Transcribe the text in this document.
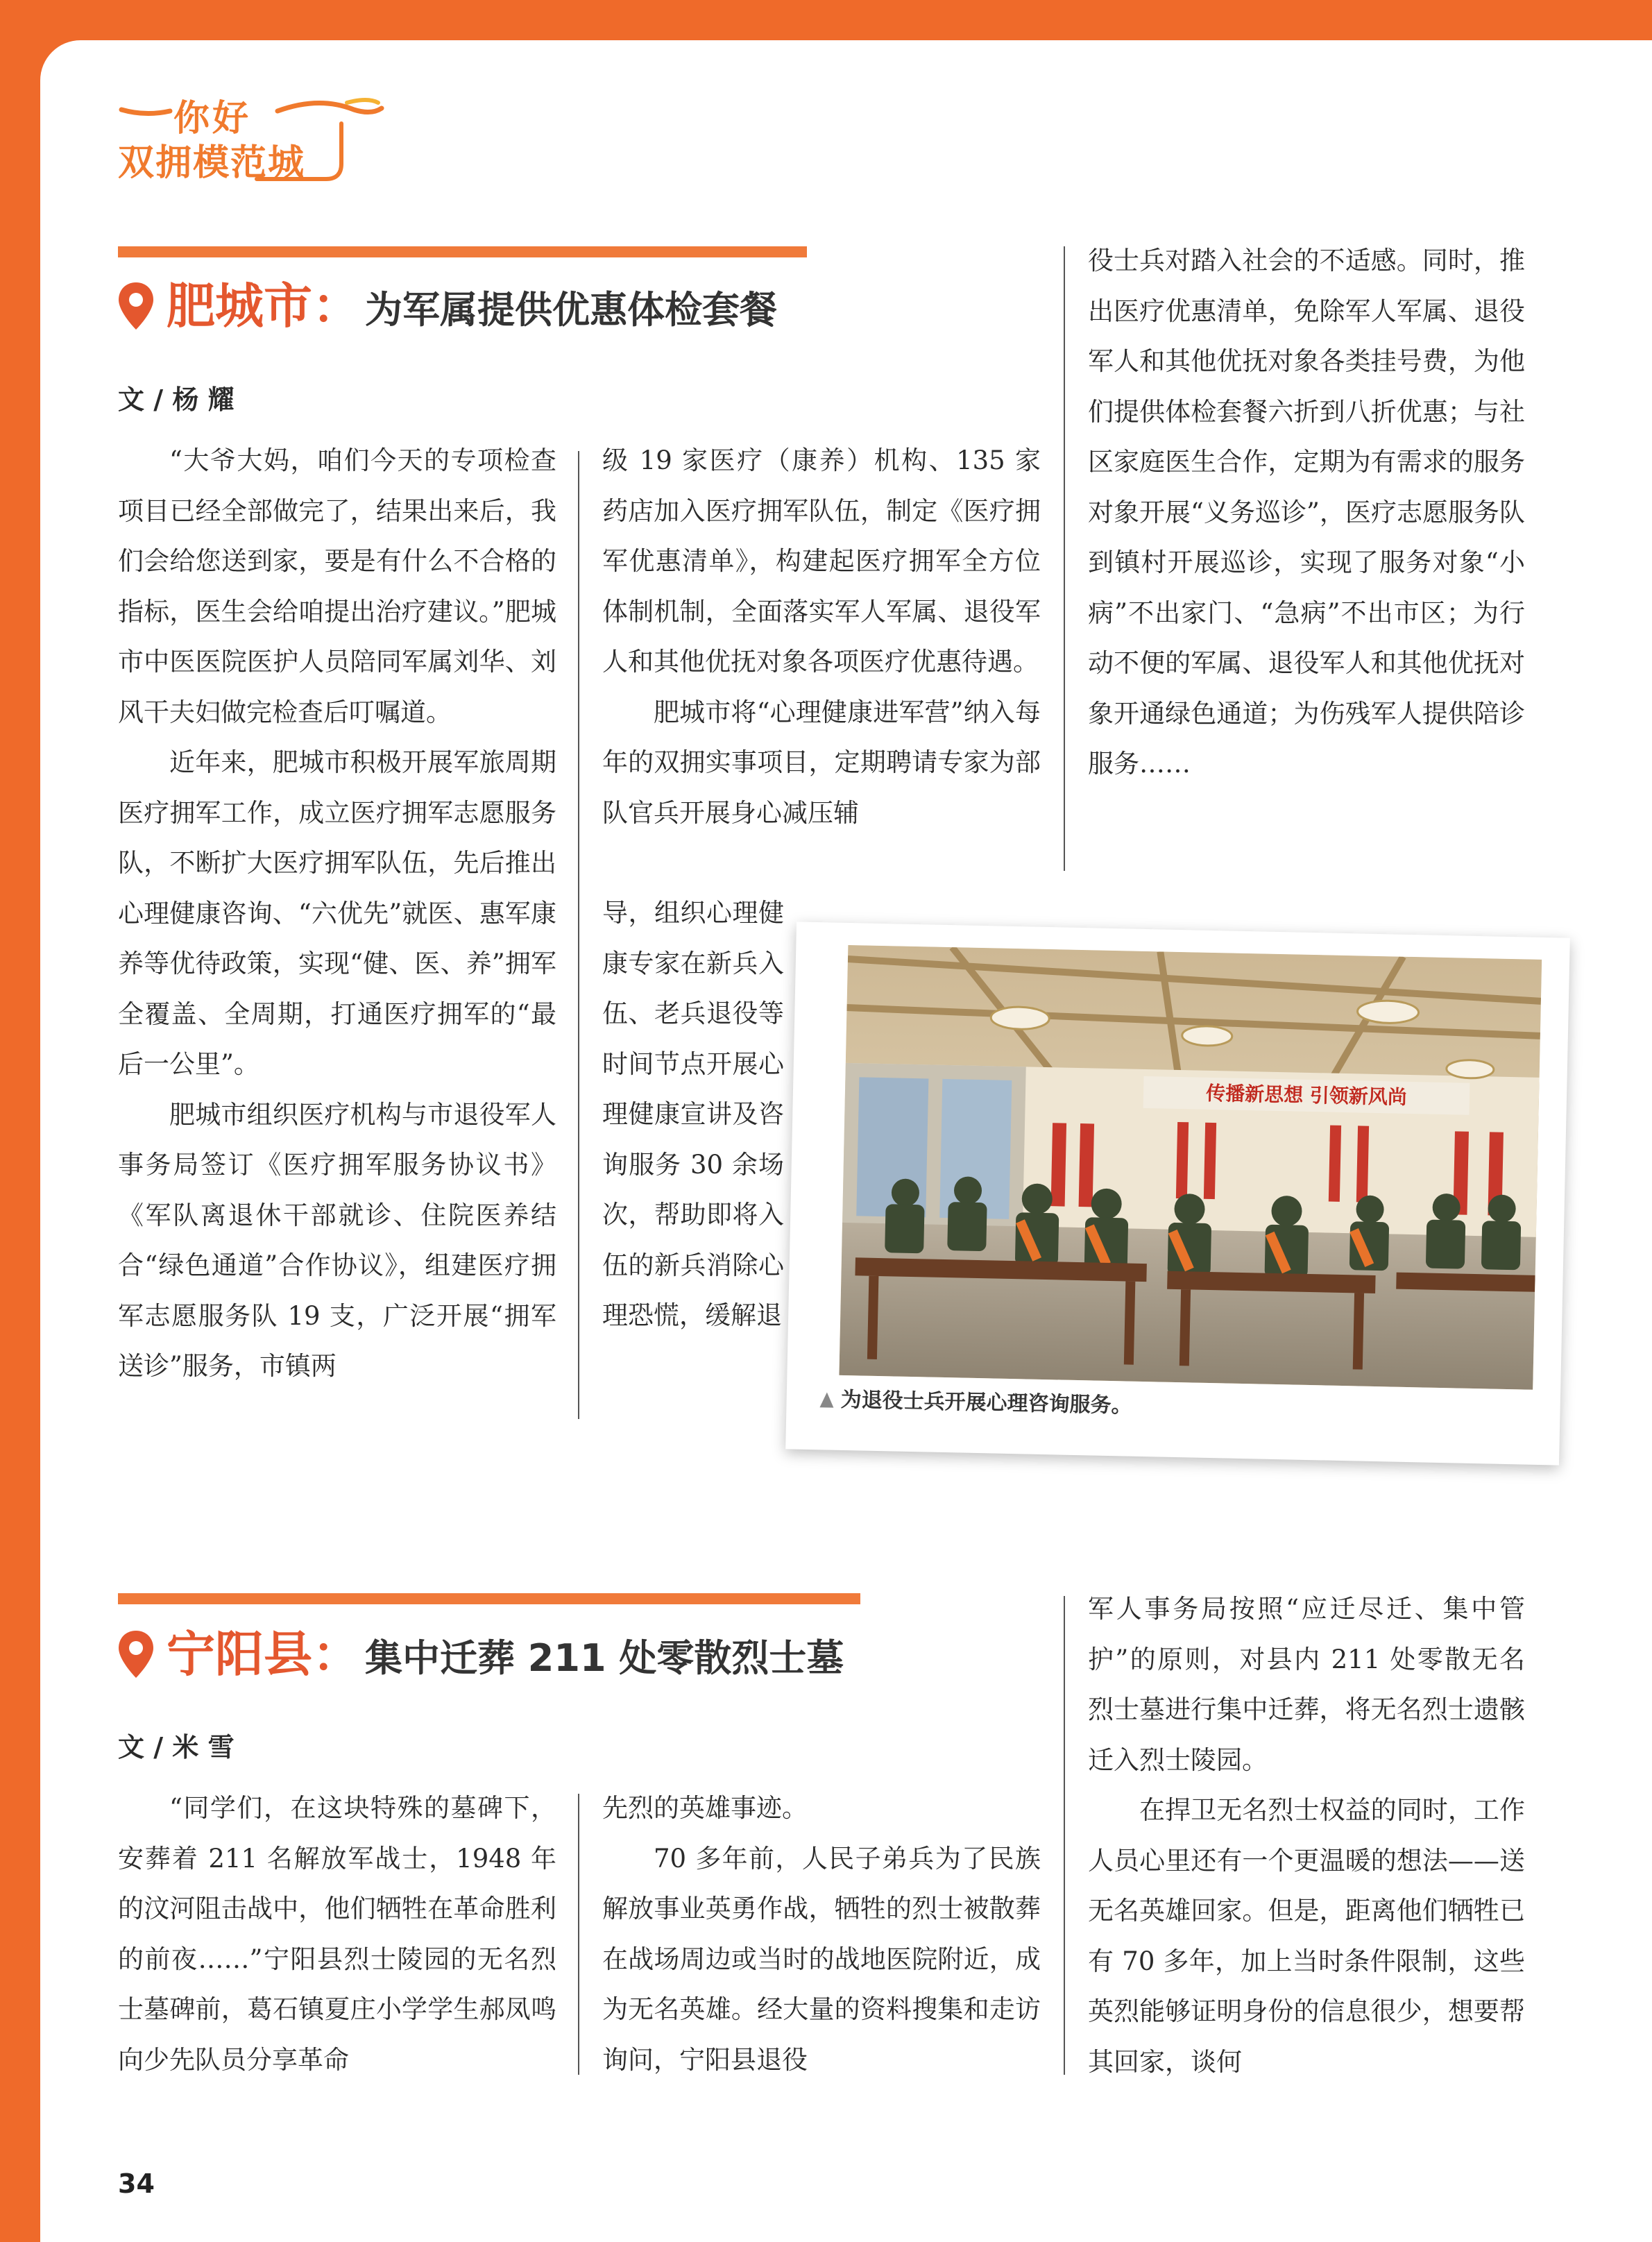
你好
双拥模范城
肥城市： 为军属提供优惠体检套餐
文 / 杨 耀

“大爷大妈，咱们今天的专项检查项目已经全部做完了，结果出来后，我们会给您送到家，要是有什么不合格的指标，医生会给咱提出治疗建议。”肥城市中医医院医护人员陪同军属刘华、刘风干夫妇做完检查后叮嘱道。

近年来，肥城市积极开展军旅周期医疗拥军工作，成立医疗拥军志愿服务队，不断扩大医疗拥军队伍，先后推出心理健康咨询、“六优先”就医、惠军康养等优待政策，实现“健、医、养”拥军全覆盖、全周期，打通医疗拥军的“最后一公里”。

肥城市组织医疗机构与市退役军人事务局签订《医疗拥军服务协议书》《军队离退休干部就诊、住院医养结合“绿色通道”合作协议》，组建医疗拥军志愿服务队 19 支，广泛开展“拥军送诊”服务，市镇两

级 19 家医疗（康养）机构、135 家药店加入医疗拥军队伍，制定《医疗拥军优惠清单》，构建起医疗拥军全方位体制机制，全面落实军人军属、退役军人和其他优抚对象各项医疗优惠待遇。

肥城市将“心理健康进军营”纳入每年的双拥实事项目，定期聘请专家为部队官兵开展身心减压辅

导，组织心理健康专家在新兵入伍、老兵退役等时间节点开展心理健康宣讲及咨询服务 30 余场次，帮助即将入伍的新兵消除心理恐慌，缓解退

役士兵对踏入社会的不适感。同时，推出医疗优惠清单，免除军人军属、退役军人和其他优抚对象各类挂号费，为他们提供体检套餐六折到八折优惠；与社区家庭医生合作，定期为有需求的服务对象开展“义务巡诊”，医疗志愿服务队到镇村开展巡诊，实现了服务对象“小病”不出家门、“急病”不出市区；为行动不便的军属、退役军人和其他优抚对象开通绿色通道；为伤残军人提供陪诊服务……

传播新思想 引领新风尚
为退役士兵开展心理咨询服务。
宁阳县： 集中迁葬 211 处零散烈士墓
文 / 米 雪

“同学们，在这块特殊的墓碑下，安葬着 211 名解放军战士，1948 年的汶河阻击战中，他们牺牲在革命胜利的前夜……”宁阳县烈士陵园的无名烈士墓碑前，葛石镇夏庄小学学生郝凤鸣向少先队员分享革命

先烈的英雄事迹。

70 多年前，人民子弟兵为了民族解放事业英勇作战，牺牲的烈士被散葬在战场周边或当时的战地医院附近，成为无名英雄。经大量的资料搜集和走访询问，宁阳县退役

军人事务局按照“应迁尽迁、集中管护”的原则，对县内 211 处零散无名烈士墓进行集中迁葬，将无名烈士遗骸迁入烈士陵园。

在捍卫无名烈士权益的同时，工作人员心里还有一个更温暖的想法——送无名英雄回家。但是，距离他们牺牲已有 70 多年，加上当时条件限制，这些英烈能够证明身份的信息很少，想要帮其回家，谈何

34
